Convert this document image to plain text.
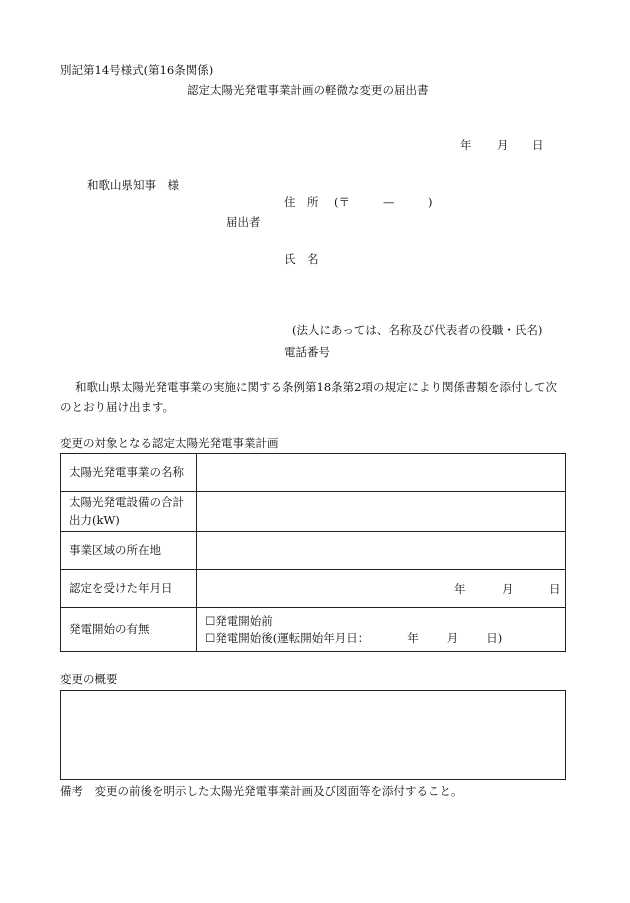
別記第14号様式(第16条関係)
認定太陽光発電事業計画の軽微な変更の届出書
年 月 日
和歌山県知事　様
住　所 (〒	—	)
届出者
氏　名
(法人にあっては、名称及び代表者の役職・氏名)
電話番号
和歌山県太陽光発電事業の実施に関する条例第18条第2項の規定により関係書類を添付して次
のとおり届け出ます。
変更の対象となる認定太陽光発電事業計画
太陽光発電事業の名称	

太陽光発電設備の合計
出力(kW)	

事業区域の所在地	
認定を受けた年月日	年 月 日

発電開始の有無	☐発電開始前
☐発電開始後(運転開始年月日： 年 月 日)
変更の概要
備考　変更の前後を明示した太陽光発電事業計画及び図面等を添付すること。
